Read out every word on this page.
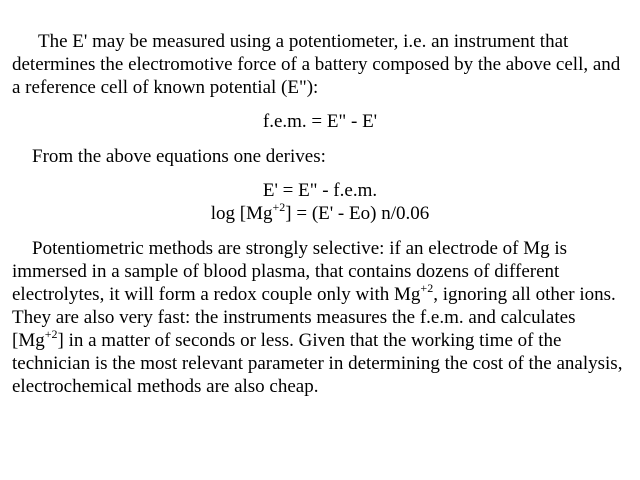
The E' may be measured using a potentiometer, i.e. an instrument that determines the electromotive force of a battery composed by the above cell, and a reference cell of known potential (E"):

f.e.m. = E" - E'

From the above equations one derives:

E' = E" - f.e.m.
$\log [Mg^{+2}] = (E' - Eo)$ n/0.06

Potentiometric methods are strongly selective: if an electrode of Mg is immersed in a sample of blood plasma, that contains dozens of different electrolytes, it will form a redox couple only with $Mg^{+2}$, ignoring all other ions. They are also very fast: the instruments measures the f.e.m. and calculates $[Mg^{+2}]$ in a matter of seconds or less. Given that the working time of the technician is the most relevant parameter in determining the cost of the analysis, electrochemical methods are also cheap.
